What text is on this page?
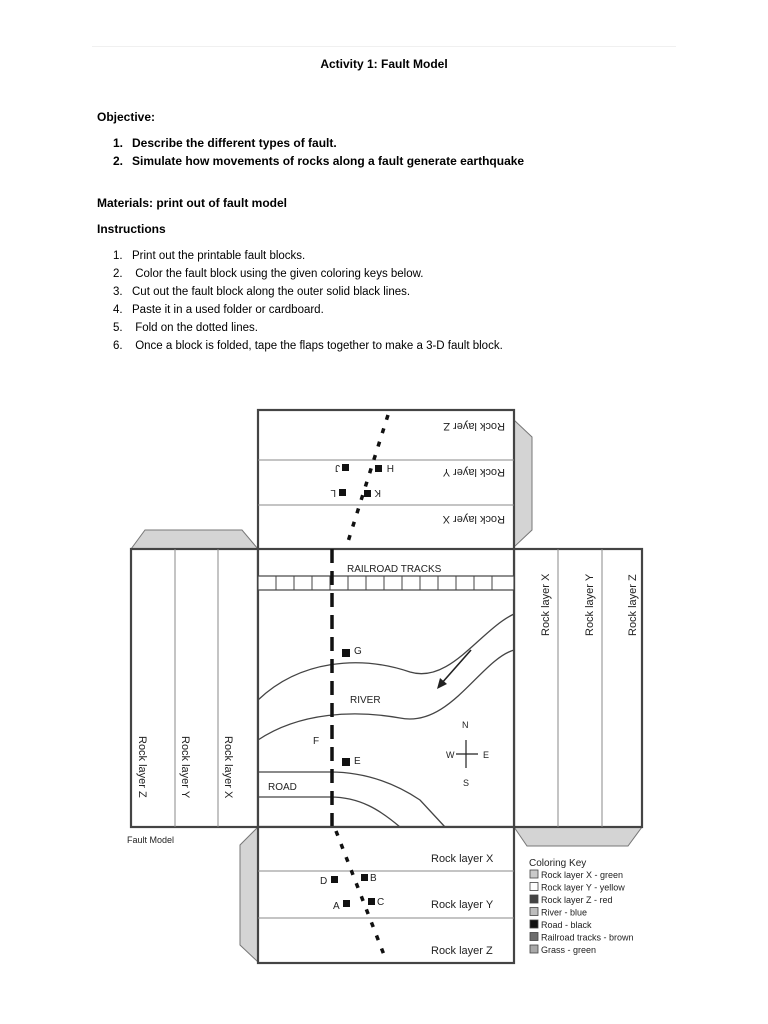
Activity 1: Fault Model
Objective:
1. Describe the different types of fault.
2. Simulate how movements of rocks along a fault generate earthquake
Materials: print out of fault model
Instructions
1. Print out the printable fault blocks.
2. Color the fault block using the given coloring keys below.
3. Cut out the fault block along the outer solid black lines.
4. Paste it in a used folder or cardboard.
5. Fold on the dotted lines.
6. Once a block is folded, tape the flaps together to make a 3-D fault block.
Rock layer Z
Rock layer Y
Rock layer X
J	H
L	K
Rock layer Z	Rock layer Y	Rock layer X
Rock layer X	Rock layer Y	Rock layer Z
RAILROAD TRACKS
RIVER
ROAD
G
F
E
N
S
E
W
Rock layer X
Rock layer Y
Rock layer Z
D	B
A	C
Fault Model
Coloring Key
Rock layer X - green
Rock layer Y - yellow
Rock layer Z - red
River - blue
Road - black
Railroad tracks - brown
Grass - green
